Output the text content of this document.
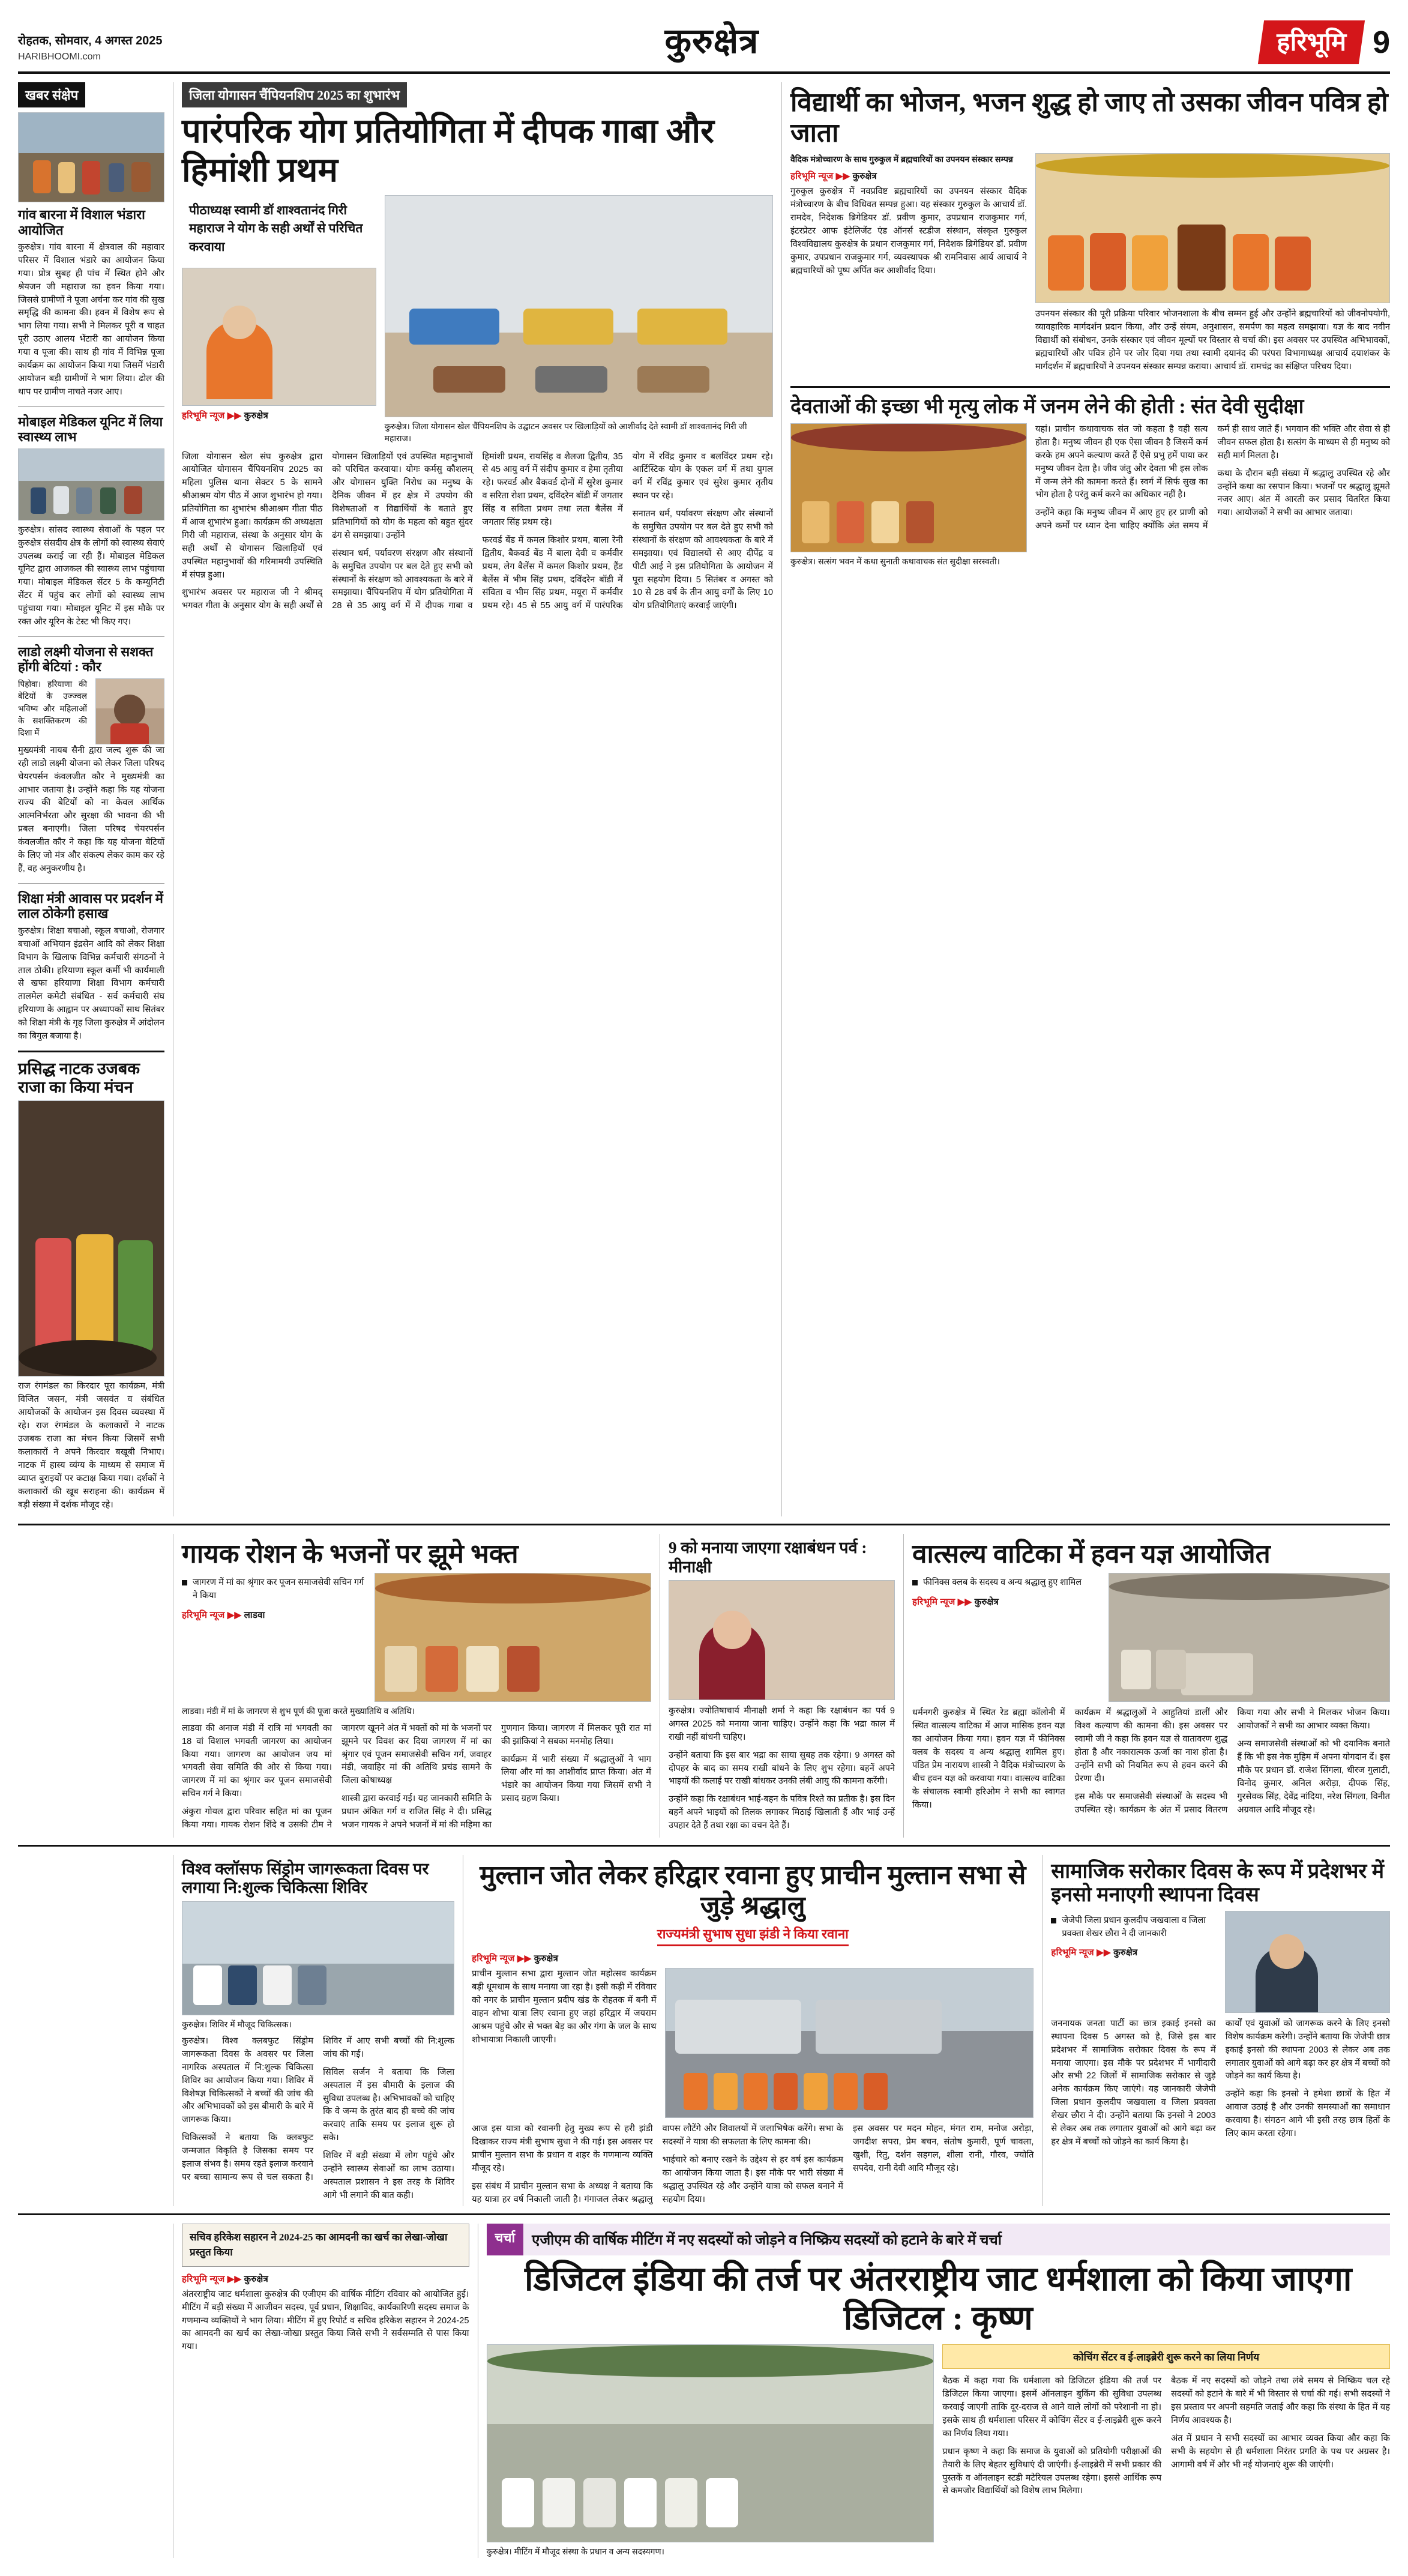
रोहतक, सोमवार, 4 अगस्त 2025
HARIBHOOMI.com	कुरुक्षेत्र	हरिभूमि 9
खबर संक्षेप
गांव बारना में विशाल भंडारा आयोजित

कुरुक्षेत्र। गांव बारना में क्षेत्रवाल की महावार परिसर में विशाल भंडारे का आयोजन किया गया। प्रोत्र सुबह ही पांच में स्थित होने और श्रेयजन जी महाराज का हवन किया गया। जिससे ग्रामीणों ने पूजा अर्चना कर गांव की सुख समृद्धि की कामना की। हवन में विशेष रूप से भाग लिया गया। सभी ने मिलकर पूरी व चाहत पूरी उठाए आलय भेंटारी का आयोजन किया गया व पूजा की। साथ ही गांव में विभिन्न पूजा कार्यक्रम का आयोजन किया गया जिसमें भंडारी आयोजन बड़ी ग्रामीणों ने भाग लिया। ढोल की थाप पर ग्रामीण नाचते नजर आए।

मोबाइल मेडिकल यूनिट में लिया स्वास्थ्य लाभ

कुरुक्षेत्र। सांसद स्वास्थ्य सेवाओं के पहल पर कुरुक्षेत्र संसदीय क्षेत्र के लोगों को स्वास्थ्य सेवाएं उपलब्ध कराई जा रही हैं। मोबाइल मेडिकल यूनिट द्वारा आजकल की स्वास्थ्य लाभ पहुंचाया गया। मोबाइल मेडिकल सेंटर 5 के कम्युनिटी सेंटर में पहुंच कर लोगों को स्वास्थ्य लाभ पहुंचाया गया। मोबाइल यूनिट में इस मौके पर रक्त और यूरिन के टेस्ट भी किए गए।

लाडो लक्ष्मी योजना से सशक्त होंगी बेटियां : कौर

पिहोवा। हरियाणा की बेटियों के उज्ज्वल भविष्य और महिलाओं के सशक्तिकरण की दिशा में

मुख्यमंत्री नायब सैनी द्वारा जल्द शुरू की जा रही लाडो लक्ष्मी योजना को लेकर जिला परिषद चेयरपर्सन कंवलजीत कौर ने मुख्यमंत्री का आभार जताया है। उन्होंने कहा कि यह योजना राज्य की बेटियों को ना केवल आर्थिक आत्मनिर्भरता और सुरक्षा की भावना की भी प्रबल बनाएगी। जिला परिषद चेयरपर्सन कंवलजीत कौर ने कहा कि यह योजना बेटियों के लिए जो मंत्र और संकल्प लेकर काम कर रहे हैं, वह अनुकरणीय है।

शिक्षा मंत्री आवास पर प्रदर्शन में लाल ठोकेगी हसाख

कुरुक्षेत्र। शिक्षा बचाओ, स्कूल बचाओ, रोजगार बचाओं अभियान इंद्रसेन आदि को लेकर शिक्षा विभाग के खिलाफ विभिन्न कर्मचारी संगठनों ने ताल ठोकी। हरियाणा स्कूल कर्मी भी कार्यमाली से खफा हरियाणा शिक्षा विभाग कर्मचारी तालमेल कमेटी संबंधित - सर्व कर्मचारी संघ हरियाणा के आह्वान पर अध्यापकों साथ सितंबर को शिक्षा मंत्री के गृह जिला कुरुक्षेत्र में आंदोलन का बिगुल बजाया है।

प्रसिद्ध नाटक उजबक राजा का किया मंचन

राज रंगमंडल का किरदार पूरा कार्यक्रम, मंत्री विजित जसन, मंत्री जसवंत व संबंधित आयोजकों के आयोजन इस दिवस व्यवस्था में रहे। राज रंगमंडल के कलाकारों ने नाटक उजबक राजा का मंचन किया जिसमें सभी कलाकारों ने अपने किरदार बखूबी निभाए। नाटक में हास्य व्यंग्य के माध्यम से समाज में व्याप्त बुराइयों पर कटाक्ष किया गया। दर्शकों ने कलाकारों की खूब सराहना की। कार्यक्रम में बड़ी संख्या में दर्शक मौजूद रहे।

जिला योगासन चैंपियनशिप 2025 का शुभारंभ
पारंपरिक योग प्रतियोगिता में दीपक गाबा और हिमांशी प्रथम

पीठाध्यक्ष स्वामी डॉ शाश्वतानंद गिरी महाराज ने योग के सही अर्थों से परिचित करवाया

हरिभूमि न्यूज ▶▶ कुरुक्षेत्र
कुरुक्षेत्र। जिला योगासन खेल चैंपियनशिप के उद्घाटन अवसर पर खिलाड़ियों को आशीर्वाद देते स्वामी डॉ शाश्वतानंद गिरी जी महाराज।

जिला योगासन खेल संघ कुरुक्षेत्र द्वारा आयोजित योगासन चैंपियनशिप 2025 का महिला पुलिस थाना सेक्टर 5 के सामने श्रीआश्रम योग पीठ में आज शुभारंभ हो गया। प्रतियोगिता का शुभारंभ श्रीआश्रम गीता पीठ में आज शुभारंभ हुआ। कार्यक्रम की अध्यक्षता गिरी जी महाराज, संस्था के अनुसार योग के सही अर्थों से योगासन खिलाड़ियों एवं उपस्थित महानुभावों की गरिमामयी उपस्थिति में संपन्न हुआ।

शुभारंभ अवसर पर महाराज जी ने श्रीमद् भगवत गीता के अनुसार योग के सही अर्थों से योगासन खिलाड़ियों एवं उपस्थित महानुभावों को परिचित करवाया। योगः कर्मसु कौशलम् और योगासन युक्ति निरोध का मनुष्य के दैनिक जीवन में हर क्षेत्र में उपयोग की विशेषताओं व विद्यार्थियों के बताते हुए प्रतिभागियों को योग के महत्व को बहुत सुंदर ढंग से समझाया। उन्होंने

संस्थान धर्म, पर्यावरण संरक्षण और संस्थानों के समुचित उपयोग पर बल देते हुए सभी को संस्थानों के संरक्षण को आवश्यकता के बारे में समझाया। चैंपियनशिप में योग प्रतियोगिता में 28 से 35 आयु वर्ग में में दीपक गाबा व हिमांशी प्रथम, रायसिंह व शैलजा द्वितीय, 35 से 45 आयु वर्ग में संदीप कुमार व हेमा तृतीया रहे। फरवर्ड और बैकवर्ड दोनों में सुरेश कुमार व सरिता रोशा प्रथम, दविंदरेन बॉडी में जगतार सिंह व सविता प्रथम तथा लता बैलेंस में जगतार सिंह प्रथम रहे।

फरवर्ड बेंड में कमल किशोर प्रथम, बाला रेनी द्वितीय, बैकवर्ड बेंड में बाला देवी व कर्मवीर प्रथम, लेग बैलेंस में कमल किशोर प्रथम, हैंड बैलेंस में भीम सिंह प्रथम, दविंदरेन बॉडी में संविता व भीम सिंह प्रथम, मयूरा में कर्मवीर प्रथम रहे। 45 से 55 आयु वर्ग में पारंपरिक योग में रविंद्र कुमार व बलविंदर प्रथम रहे। आर्टिस्टिक योग के एकल वर्ग में तथा युगल वर्ग में रविंद्र कुमार एवं सुरेश कुमार तृतीय स्थान पर रहे।

सनातन धर्म, पर्यावरण संरक्षण और संस्थानों के समुचित उपयोग पर बल देते हुए सभी को संस्थानों के संरक्षण को आवश्यकता के बारे में समझाया। एवं विद्यालयों से आए दीपेंद्र व पीटी आई ने इस प्रतियोगिता के आयोजन में पूरा सहयोग दिया। 5 सितंबर व अगस्त को 10 से 28 वर्ष के तीन आयु वर्गों के लिए 10 योग प्रतियोगिताएं करवाई जाएंगी।

विद्यार्थी का भोजन, भजन शुद्ध हो जाए तो उसका जीवन पवित्र हो जाता

वैदिक मंत्रोच्चारण के साथ गुरुकुल में ब्रह्मचारियों का उपनयन संस्कार सम्पन्न

हरिभूमि न्यूज ▶▶ कुरुक्षेत्र

गुरुकुल कुरुक्षेत्र में नवप्रविष्ट ब्रह्मचारियों का उपनयन संस्कार वैदिक मंत्रोच्चारण के बीच विधिवत सम्पन्न हुआ। यह संस्कार गुरुकुल के आचार्य डॉ. रामदेव, निदेशक ब्रिगेडियर डॉ. प्रवीण कुमार, उपप्रधान राजकुमार गर्ग, इंटरप्रेटर आफ इंटेलिजेंट एंड ऑनर्स स्टडीज संस्थान, संस्कृत गुरुकुल विश्वविद्यालय कुरुक्षेत्र के प्रधान राजकुमार गर्ग, निदेशक ब्रिगेडियर डॉ. प्रवीण कुमार, उपप्रधान राजकुमार गर्ग, व्यवस्थापक श्री रामनिवास आर्य आचार्य ने ब्रह्मचारियों को पूष्प अर्पित कर आशीर्वाद दिया।

उपनयन संस्कार की पूरी प्रक्रिया परिवार भोजनशाला के बीच सम्मन हुई और उन्होंने ब्रह्मचारियों को जीवनोपयोगी, व्यावहारिक मार्गदर्शन प्रदान किया, और उन्हें संयम, अनुशासन, समर्पण का महत्व समझाया। यज्ञ के बाद नवीन विद्यार्थी को संबोधन, उनके संस्कार एवं जीवन मूल्यों पर विस्तार से चर्चा की। इस अवसर पर उपस्थित अभिभावकों, ब्रह्मचारियों और पवित्र होने पर जोर दिया गया तथा स्वामी दयानंद की परंपरा विभागाध्यक्ष आचार्य दयाशंकर के मार्गदर्शन में ब्रह्मचारियों ने उपनयन संस्कार सम्पन्न कराया। आचार्य डॉ. रामचंद्र का संक्षिप्त परिचय दिया।

देवताओं की इच्छा भी मृत्यु लोक में जनम लेने की होती : संत देवी सुदीक्षा
कुरुक्षेत्र। सत्संग भवन में कथा सुनाती कथावाचक संत सुदीक्षा सरस्वती।

यहां। प्राचीन कथावाचक संत जो कहता है वही सत्य होता है। मनुष्य जीवन ही एक ऐसा जीवन है जिसमें कर्म करके हम अपने कल्याण करते हैं ऐसे प्रभु हमें पाया कर मनुष्य जीवन देता है। जीव जंतु और देवता भी इस लोक में जन्म लेने की कामना करते हैं। स्वर्ग में सिर्फ सुख का भोग होता है परंतु कर्म करने का अधिकार नहीं है।

उन्होंने कहा कि मनुष्य जीवन में आए हुए हर प्राणी को अपने कर्मों पर ध्यान देना चाहिए क्योंकि अंत समय में कर्म ही साथ जाते हैं। भगवान की भक्ति और सेवा से ही जीवन सफल होता है। सत्संग के माध्यम से ही मनुष्य को सही मार्ग मिलता है।

कथा के दौरान बड़ी संख्या में श्रद्धालु उपस्थित रहे और उन्होंने कथा का रसपान किया। भजनों पर श्रद्धालु झूमते नजर आए। अंत में आरती कर प्रसाद वितरित किया गया। आयोजकों ने सभी का आभार जताया।

गायक रोशन के भजनों पर झूमे भक्त
जागरण में मां का श्रृंगार कर पूजन समाजसेवी सचिन गर्ग ने किया
हरिभूमि न्यूज ▶▶ लाडवा
लाडवा। मंडी में मां के जागरण से शुभ पूर्ण की पूजा करते मुख्यातिथि व अतिथि।

लाडवा की अनाज मंडी में रात्रि मां भगवती का 18 वां विशाल भगवती जागरण का आयोजन किया गया। जागरण का आयोजन जय मां भगवती सेवा समिति की ओर से किया गया। जागरण में मां का श्रृंगार कर पूजन समाजसेवी सचिन गर्ग ने किया।

अंकुरा गोयल द्वारा परिवार सहित मां का पूजन किया गया। गायक रोशन शिंदे व उसकी टीम ने जागरण खूनने अंत में भक्तों को मां के भजनों पर झूमने पर विवश कर दिया जागरण में मां का श्रृंगार एवं पूजन समाजसेवी सचिन गर्ग, जवाहर मंडी, जवाहिर मां की अतिथि प्रचंड सामने के जिला कोषाध्यक्ष

शास्त्री द्वारा करवाई गई। यह जानकारी समिति के प्रधान अंकित गर्ग व राजित सिंह ने दी। प्रसिद्ध भजन गायक ने अपने भजनों में मां की महिमा का गुणगान किया। जागरण में मिलकर पूरी रात मां की झांकियां ने सबका मनमोह लिया।

कार्यक्रम में भारी संख्या में श्रद्धालुओं ने भाग लिया और मां का आशीर्वाद प्राप्त किया। अंत में भंडारे का आयोजन किया गया जिसमें सभी ने प्रसाद ग्रहण किया।

9 को मनाया जाएगा रक्षाबंधन पर्व : मीनाक्षी

कुरुक्षेत्र। ज्योतिषाचार्य मीनाक्षी शर्मा ने कहा कि रक्षाबंधन का पर्व 9 अगस्त 2025 को मनाया जाना चाहिए। उन्होंने कहा कि भद्रा काल में राखी नहीं बांधनी चाहिए।

उन्होंने बताया कि इस बार भद्रा का साया सुबह तक रहेगा। 9 अगस्त को दोपहर के बाद का समय राखी बांधने के लिए शुभ रहेगा। बहनें अपने भाइयों की कलाई पर राखी बांधकर उनकी लंबी आयु की कामना करेंगी।

उन्होंने कहा कि रक्षाबंधन भाई-बहन के पवित्र रिश्ते का प्रतीक है। इस दिन बहनें अपने भाइयों को तिलक लगाकर मिठाई खिलाती हैं और भाई उन्हें उपहार देते हैं तथा रक्षा का वचन देते हैं।

वात्सल्य वाटिका में हवन यज्ञ आयोजित
फीनिक्स क्लब के सदस्य व अन्य श्रद्धालु हुए शामिल
हरिभूमि न्यूज ▶▶ कुरुक्षेत्र

धर्मनगरी कुरुक्षेत्र में स्थित रेड ब्रह्मा कॉलोनी में स्थित वात्सल्य वाटिका में आज मासिक हवन यज्ञ का आयोजन किया गया। हवन यज्ञ में फीनिक्स क्लब के सदस्य व अन्य श्रद्धालु शामिल हुए। पंडित प्रेम नारायण शास्त्री ने वैदिक मंत्रोच्चारण के बीच हवन यज्ञ को करवाया गया। वात्सल्य वाटिका के संचालक स्वामी हरिओम ने सभी का स्वागत किया।

कार्यक्रम में श्रद्धालुओं ने आहुतियां डालीं और विश्व कल्याण की कामना की। इस अवसर पर स्वामी जी ने कहा कि हवन यज्ञ से वातावरण शुद्ध होता है और नकारात्मक ऊर्जा का नाश होता है। उन्होंने सभी को नियमित रूप से हवन करने की प्रेरणा दी।

इस मौके पर समाजसेवी संस्थाओं के सदस्य भी उपस्थित रहे। कार्यक्रम के अंत में प्रसाद वितरण किया गया और सभी ने मिलकर भोजन किया। आयोजकों ने सभी का आभार व्यक्त किया।

अन्य समाजसेवी संस्थाओं को भी दयानिक बनाते हैं कि भी इस नेक मुहिम में अपना योगदान दें। इस मौके पर प्रधान डॉ. राजेश सिंगला, धीरज गुलाटी, विनोद कुमार, अनिल अरोड़ा, दीपक सिंह, गुरसेवक सिंह, देवेंद्र नांदिया, नरेश सिंगला, विनीत अग्रवाल आदि मौजूद रहे।

विश्व क्लॉसफ सिंड्रोम जागरूकता दिवस पर लगाया नि:शुल्क चिकित्सा शिविर
कुरुक्षेत्र। शिविर में मौजूद चिकित्सक।

कुरुक्षेत्र। विश्व क्लबफुट सिंड्रोम जागरूकता दिवस के अवसर पर जिला नागरिक अस्पताल में नि:शुल्क चिकित्सा शिविर का आयोजन किया गया। शिविर में विशेषज्ञ चिकित्सकों ने बच्चों की जांच की और अभिभावकों को इस बीमारी के बारे में जागरूक किया।

चिकित्सकों ने बताया कि क्लबफुट जन्मजात विकृति है जिसका समय पर इलाज संभव है। समय रहते इलाज करवाने पर बच्चा सामान्य रूप से चल सकता है। शिविर में आए सभी बच्चों की नि:शुल्क जांच की गई।

सिविल सर्जन ने बताया कि जिला अस्पताल में इस बीमारी के इलाज की सुविधा उपलब्ध है। अभिभावकों को चाहिए कि वे जन्म के तुरंत बाद ही बच्चे की जांच करवाएं ताकि समय पर इलाज शुरू हो सके।

शिविर में बड़ी संख्या में लोग पहुंचे और उन्होंने स्वास्थ्य सेवाओं का लाभ उठाया। अस्पताल प्रशासन ने इस तरह के शिविर आगे भी लगाने की बात कही।

मुल्तान जोत लेकर हरिद्वार रवाना हुए प्राचीन मुल्तान सभा से जुड़े श्रद्धालु
राज्यमंत्री सुभाष सुधा झंडी ने किया रवाना
हरिभूमि न्यूज ▶▶ कुरुक्षेत्र

प्राचीन मुल्तान सभा द्वारा मुल्तान जोत महोत्सव कार्यक्रम बड़ी धूमधाम के साथ मनाया जा रहा है। इसी कड़ी में रविवार को नगर के प्राचीन मुल्तान प्रदीप खंड के रोहतक में बनी में वाहन शोभा यात्रा लिए रवाना हुए जहां हरिद्वार में जयराम आश्रम पहुंचे और से भक्त बेड़ का और गंगा के जल के साथ शोभायात्रा निकाली जाएगी।

आज इस यात्रा को रवानगी हेतु मुख्य रूप से हरी झंडी दिखाकर राज्य मंत्री सुभाष सुधा ने की गई। इस अवसर पर प्राचीन मुल्तान सभा के प्रधान व शहर के गणमान्य व्यक्ति मौजूद रहे।

इस संबंध में प्राचीन मुल्तान सभा के अध्यक्ष ने बताया कि यह यात्रा हर वर्ष निकाली जाती है। गंगाजल लेकर श्रद्धालु वापस लौटेंगे और शिवालयों में जलाभिषेक करेंगे। सभा के सदस्यों ने यात्रा की सफलता के लिए कामना की।

भाईचारे को बनाए रखने के उद्देश्य से हर वर्ष इस कार्यक्रम का आयोजन किया जाता है। इस मौके पर भारी संख्या में श्रद्धालु उपस्थित रहे और उन्होंने यात्रा को सफल बनाने में सहयोग दिया।

इस अवसर पर मदन मोहन, मंगत राम, मनोज अरोड़ा, जगदीश सपरा, प्रेम बचन, संतोष कुमारी, पूर्ण चावला, खुशी, रितु, दर्शन सहगल, शीला रानी, गौरव, ज्योति सपदेव, रानी देवी आदि मौजूद रहे।

सामाजिक सरोकार दिवस के रूप में प्रदेशभर में इनसो मनाएगी स्थापना दिवस
जेजेपी जिला प्रधान कुलदीप जखवाला व जिला प्रवक्ता शेखर छौरा ने दी जानकारी
हरिभूमि न्यूज ▶▶ कुरुक्षेत्र

जननायक जनता पार्टी का छात्र इकाई इनसो का स्थापना दिवस 5 अगस्त को है, जिसे इस बार प्रदेशभर में सामाजिक सरोकार दिवस के रूप में मनाया जाएगा। इस मौके पर प्रदेशभर में भागीदारी और सभी 22 जिलों में सामाजिक सरोकार से जुड़े अनेक कार्यक्रम किए जाएंगे। यह जानकारी जेजेपी जिला प्रधान कुलदीप जखवाला व जिला प्रवक्ता शेखर छौरा ने दी। उन्होंने बताया कि इनसो ने 2003 से लेकर अब तक लगातार युवाओं को आगे बढ़ा कर हर क्षेत्र में बच्चों को जोड़ने का कार्य किया है।

कार्यों एवं युवाओं को जागरूक करने के लिए इनसो विशेष कार्यक्रम करेगी। उन्होंने बताया कि जेजेपी छात्र इकाई इनसो की स्थापना 2003 से लेकर अब तक लगातार युवाओं को आगे बढ़ा कर हर क्षेत्र में बच्चों को जोड़ने का कार्य किया है।

उन्होंने कहा कि इनसो ने हमेशा छात्रों के हित में आवाज उठाई है और उनकी समस्याओं का समाधान करवाया है। संगठन आगे भी इसी तरह छात्र हितों के लिए काम करता रहेगा।

सचिव हरिकेश सहारन ने 2024-25 का आमदनी का खर्च का लेखा-जोखा प्रस्तुत किया

हरिभूमि न्यूज ▶▶ कुरुक्षेत्र

अंतरराष्ट्रीय जाट धर्मशाला कुरुक्षेत्र की एजीएम की वार्षिक मीटिंग रविवार को आयोजित हुई। मीटिंग में बड़ी संख्या में आजीवन सदस्य, पूर्व प्रधान, शिक्षाविद, कार्यकारिणी सदस्य समाज के गणमान्य व्यक्तियों ने भाग लिया। मीटिंग में हुए रिपोर्ट व सचिव हरिकेश सहारन ने 2024-25 का आमदनी का खर्च का लेखा-जोखा प्रस्तुत किया जिसे सभी ने सर्वसम्मति से पास किया गया।

चर्चा	एजीएम की वार्षिक मीटिंग में नए सदस्यों को जोड़ने व निष्क्रिय सदस्यों को हटाने के बारे में चर्चा
डिजिटल इंडिया की तर्ज पर अंतरराष्ट्रीय जाट धर्मशाला को किया जाएगा डिजिटल : कृष्ण
कुरुक्षेत्र। मीटिंग में मौजूद संस्था के प्रधान व अन्य सदस्यगण।
कोचिंग सेंटर व ई-लाइब्रेरी शुरू करने का लिया निर्णय

बैठक में कहा गया कि धर्मशाला को डिजिटल इंडिया की तर्ज पर डिजिटल किया जाएगा। इसमें ऑनलाइन बुकिंग की सुविधा उपलब्ध करवाई जाएगी ताकि दूर-दराज से आने वाले लोगों को परेशानी ना हो। इसके साथ ही धर्मशाला परिसर में कोचिंग सेंटर व ई-लाइब्रेरी शुरू करने का निर्णय लिया गया।

प्रधान कृष्ण ने कहा कि समाज के युवाओं को प्रतियोगी परीक्षाओं की तैयारी के लिए बेहतर सुविधाएं दी जाएंगी। ई-लाइब्रेरी में सभी प्रकार की पुस्तकें व ऑनलाइन स्टडी मटेरियल उपलब्ध रहेगा। इससे आर्थिक रूप से कमजोर विद्यार्थियों को विशेष लाभ मिलेगा।

बैठक में नए सदस्यों को जोड़ने तथा लंबे समय से निष्क्रिय चल रहे सदस्यों को हटाने के बारे में भी विस्तार से चर्चा की गई। सभी सदस्यों ने इस प्रस्ताव पर अपनी सहमति जताई और कहा कि संस्था के हित में यह निर्णय आवश्यक है।

अंत में प्रधान ने सभी सदस्यों का आभार व्यक्त किया और कहा कि सभी के सहयोग से ही धर्मशाला निरंतर प्रगति के पथ पर अग्रसर है। आगामी वर्ष में और भी नई योजनाएं शुरू की जाएंगी।
